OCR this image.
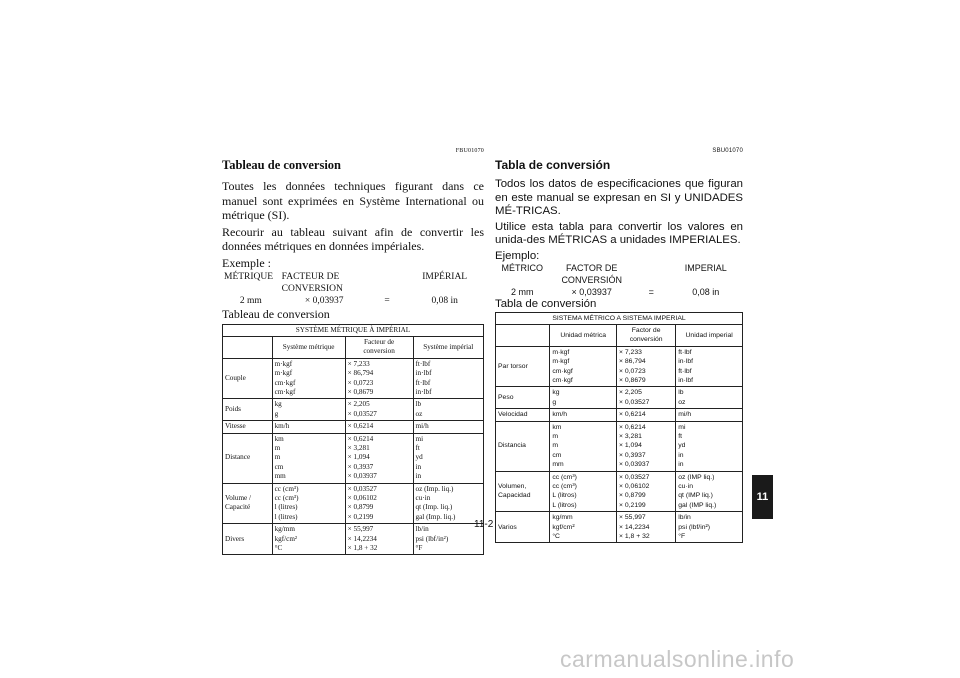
FBU01070
Tableau de conversion

Toutes les données techniques figurant dans ce manuel sont exprimées en Système International ou métrique (SI).

Recourir au tableau suivant afin de convertir les données métriques en données impériales.

Exemple :
MÉTRIQUE	FACTEUR DE
CONVERSION		IMPÉRIAL
2 mm	× 0,03937	=	0,08 in
Tableau de conversion
SYSTÈME MÉTRIQUE À IMPÉRIAL			
	Système métrique	Facteur de conversion	Système impérial
Couple	m·kgf
m·kgf
cm·kgf
cm·kgf	× 7,233
× 86,794
× 0,0723
× 0,8679	ft·lbf
in·lbf
ft·lbf
in·lbf
Poids	kg
g	× 2,205
× 0,03527	lb
oz
Vitesse	km/h	× 0,6214	mi/h
Distance	km
m
m
cm
mm	× 0,6214
× 3,281
× 1,094
× 0,3937
× 0,03937	mi
ft
yd
in
in
Volume /
Capacité	cc (cm³)
cc (cm³)
l (litres)
l (litres)	× 0,03527
× 0,06102
× 0,8799
× 0,2199	oz (Imp. liq.)
cu·in
qt (Imp. liq.)
gal (Imp. liq.)
Divers	kg/mm
kgf/cm²
°C	× 55,997
× 14,2234
× 1,8 + 32	lb/in
psi (lbf/in²)
°F
SBU01070
Tabla de conversión

Todos los datos de especificaciones que figuran en este manual se expresan en SI y UNIDADES MÉ-TRICAS.

Utilice esta tabla para convertir los valores en unida-des MÉTRICAS a unidades IMPERIALES.

Ejemplo:
MÉTRICO	FACTOR DE
CONVERSIÓN		IMPERIAL
2 mm	× 0,03937	=	0,08 in
Tabla de conversión
SISTEMA MÉTRICO A SISTEMA IMPERIAL			
	Unidad métrica	Factor de conversión	Unidad imperial
Par torsor	m·kgf
m·kgf
cm·kgf
cm·kgf	× 7,233
× 86,794
× 0,0723
× 0,8679	ft·lbf
in·lbf
ft·lbf
in·lbf
Peso	kg
g	× 2,205
× 0,03527	lb
oz
Velocidad	km/h	× 0,6214	mi/h
Distancia	km
m
m
cm
mm	× 0,6214
× 3,281
× 1,094
× 0,3937
× 0,03937	mi
ft
yd
in
in
Volumen,
Capacidad	cc (cm³)
cc (cm³)
L (litros)
L (litros)	× 0,03527
× 0,06102
× 0,8799
× 0,2199	oz (IMP liq.)
cu·in
qt (IMP liq.)
gal (IMP liq.)
Varios	kg/mm
kgf/cm²
°C	× 55,997
× 14,2234
× 1,8 + 32	lb/in
psi (lbf/in²)
°F
11-2
11
carmanualsonline.info
